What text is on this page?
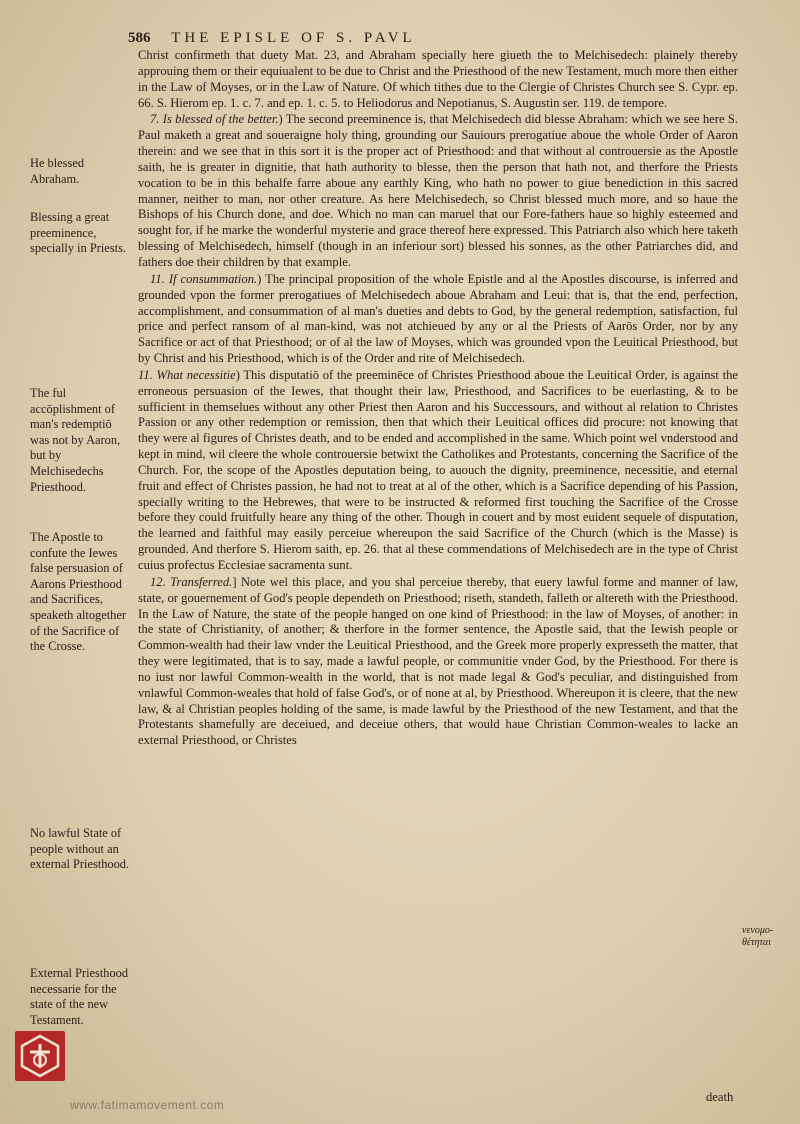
586 THE EPISLE OF S. PAVL

Christ confirmeth that duety Mat. 23, and Abraham specially here giueth the to Melchisedech: plainely thereby approuing them or their equiualent to be due to Christ and the Priesthood of the new Testament, much more then either in the Law of Moyses, or in the Law of Nature. Of which tithes due to the Clergie of Christes Church see S. Cypr. ep. 66. S. Hierom ep. 1. c. 7. and ep. 1. c. 5. to Heliodorus and Nepotianus, S. Augustin ser. 119. de tempore.

7. Is blessed of the better.) The second preeminence is, that Melchisedech did blesse Abraham: which we see here S. Paul maketh a great and soueraigne holy thing, grounding our Sauiours prerogatiue aboue the whole Order of Aaron therein: and we see that in this sort it is the proper act of Priesthood: and that without al controuersie as the Apostle saith, he is greater in dignitie, that hath authority to blesse, then the person that hath not, and therfore the Priests vocation to be in this behalfe farre aboue any earthly King, who hath no power to giue benediction in this sacred manner, neither to man, nor other creature. As here Melchisedech, so Christ blessed much more, and so haue the Bishops of his Church done, and doe. Which no man can maruel that our Fore-fathers haue so highly esteemed and sought for, if he marke the wonderful mysterie and grace thereof here expressed. This Patriarch also which here taketh blessing of Melchisedech, himself (though in an inferiour sort) blessed his sonnes, as the other Patriarches did, and fathers doe their children by that example.

11. If consummation.) The principal proposition of the whole Epistle and al the Apostles discourse, is inferred and grounded vpon the former prerogatiues of Melchisedech aboue Abraham and Leui: that is, that the end, perfection, accomplishment, and consummation of al man's dueties and debts to God, by the general redemption, satisfaction, ful price and perfect ransom of al man-kind, was not atchieued by any or al the Priests of Aarōs Order, nor by any Sacrifice or act of that Priesthood; or of al the law of Moyses, which was grounded vpon the Leuitical Priesthood, but by Christ and his Priesthood, which is of the Order and rite of Melchisedech.

11. What necessitie) This disputatiō of the preeminēce of Christes Priesthood aboue the Leuitical Order, is against the erroneous persuasion of the Iewes, that thought their law, Priesthood, and Sacrifices to be euerlasting, & to be sufficient in themselues without any other Priest then Aaron and his Successours, and without al relation to Christes Passion or any other redemption or remission, then that which their Leuitical offices did procure: not knowing that they were al figures of Christes death, and to be ended and accomplished in the same. Which point wel vnderstood and kept in mind, wil cleere the whole controuersie betwixt the Catholikes and Protestants, concerning the Sacrifice of the Church. For, the scope of the Apostles deputation being, to auouch the dignity, preeminence, necessitie, and eternal fruit and effect of Christes passion, he had not to treat at al of the other, which is a Sacrifice depending of his Passion, specially writing to the Hebrewes, that were to be instructed & reformed first touching the Sacrifice of the Crosse before they could fruitfully heare any thing of the other. Though in couert and by most euident sequele of disputation, the learned and faithful may easily perceiue whereupon the said Sacrifice of the Church (which is the Masse) is grounded. And therfore S. Hierom saith, ep. 26. that al these commendations of Melchisedech are in the type of Christ cuius profectus Ecclesiae sacramenta sunt.

12. Transferred.] Note wel this place, and you shal perceiue thereby, that euery lawful forme and manner of law, state, or gouernement of God's people dependeth on Priesthood; riseth, standeth, falleth or altereth with the Priesthood. In the Law of Nature, the state of the people hanged on one kind of Priesthood: in the law of Moyses, of another: in the state of Christianity, of another; & therfore in the former sentence, the Apostle said, that the Iewish people or Common-wealth had their law vnder the Leuitical Priesthood, and the Greek more properly expresseth the matter, that they were legitimated, that is to say, made a lawful people, or communitie vnder God, by the Priesthood. For there is no iust nor lawful Common-wealth in the world, that is not made legal & God's peculiar, and distinguished from vnlawful Common-weales that hold of false God's, or of none at al, by Priesthood. Whereupon it is cleere, that the new law, & al Christian peoples holding of the same, is made lawful by the Priesthood of the new Testament, and that the Protestants shamefully are deceiued, and deceiue others, that would haue Christian Common-weales to lacke an external Priesthood, or Christes

He blessed Abraham.
Blessing a great preeminence, specially in Priests.
The ful accōplishment of man's redemptiō was not by Aaron, but by Melchisedechs Priesthood.
The Apostle to confute the Iewes false persuasion of Aarons Priesthood and Sacrifices, speaketh altogether of the Sacrifice of the Crosse.
No lawful State of people without an external Priesthood.
External Priesthood necessarie for the state of the new Testament.
νενομο-θέτηται
death
www.fatimamovement.com
